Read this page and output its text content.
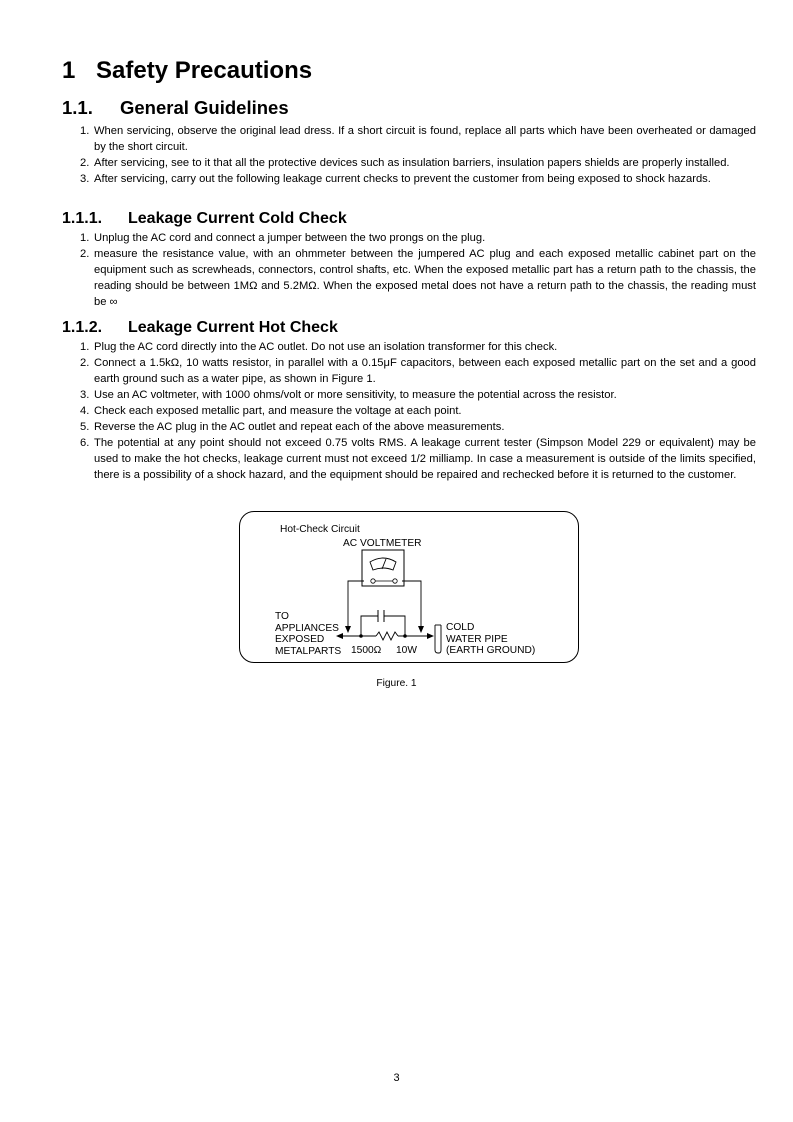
1 Safety Precautions
1.1. General Guidelines
1. When servicing, observe the original lead dress. If a short circuit is found, replace all parts which have been overheated or damaged by the short circuit.
2. After servicing, see to it that all the protective devices such as insulation barriers, insulation papers shields are properly installed.
3. After servicing, carry out the following leakage current checks to prevent the customer from being exposed to shock hazards.
1.1.1. Leakage Current Cold Check
1. Unplug the AC cord and connect a jumper between the two prongs on the plug.
2. measure the resistance value, with an ohmmeter between the jumpered AC plug and each exposed metallic cabinet part on the equipment such as screwheads, connectors, control shafts, etc. When the exposed metallic part has a return path to the chassis, the reading should be between 1MΩ and 5.2MΩ. When the exposed metal does not have a return path to the chassis, the reading must be ∞
1.1.2. Leakage Current Hot Check
1. Plug the AC cord directly into the AC outlet. Do not use an isolation transformer for this check.
2. Connect a 1.5kΩ, 10 watts resistor, in parallel with a 0.15μF capacitors, between each exposed metallic part on the set and a good earth ground such as a water pipe, as shown in Figure 1.
3. Use an AC voltmeter, with 1000 ohms/volt or more sensitivity, to measure the potential across the resistor.
4. Check each exposed metallic part, and measure the voltage at each point.
5. Reverse the AC plug in the AC outlet and repeat each of the above measurements.
6. The potential at any point should not exceed 0.75 volts RMS. A leakage current tester (Simpson Model 229 or equivalent) may be used to make the hot checks, leakage current must not exceed 1/2 milliamp. In case a measurement is outside of the limits specified, there is a possibility of a shock hazard, and the equipment should be repaired and rechecked before it is returned to the customer.
Hot-Check Circuit
AC VOLTMETER
TO
APPLIANCES
EXPOSED
METALPARTS 1500Ω 10W
COLD
WATER PIPE
(EARTH GROUND)
Figure. 1
3
